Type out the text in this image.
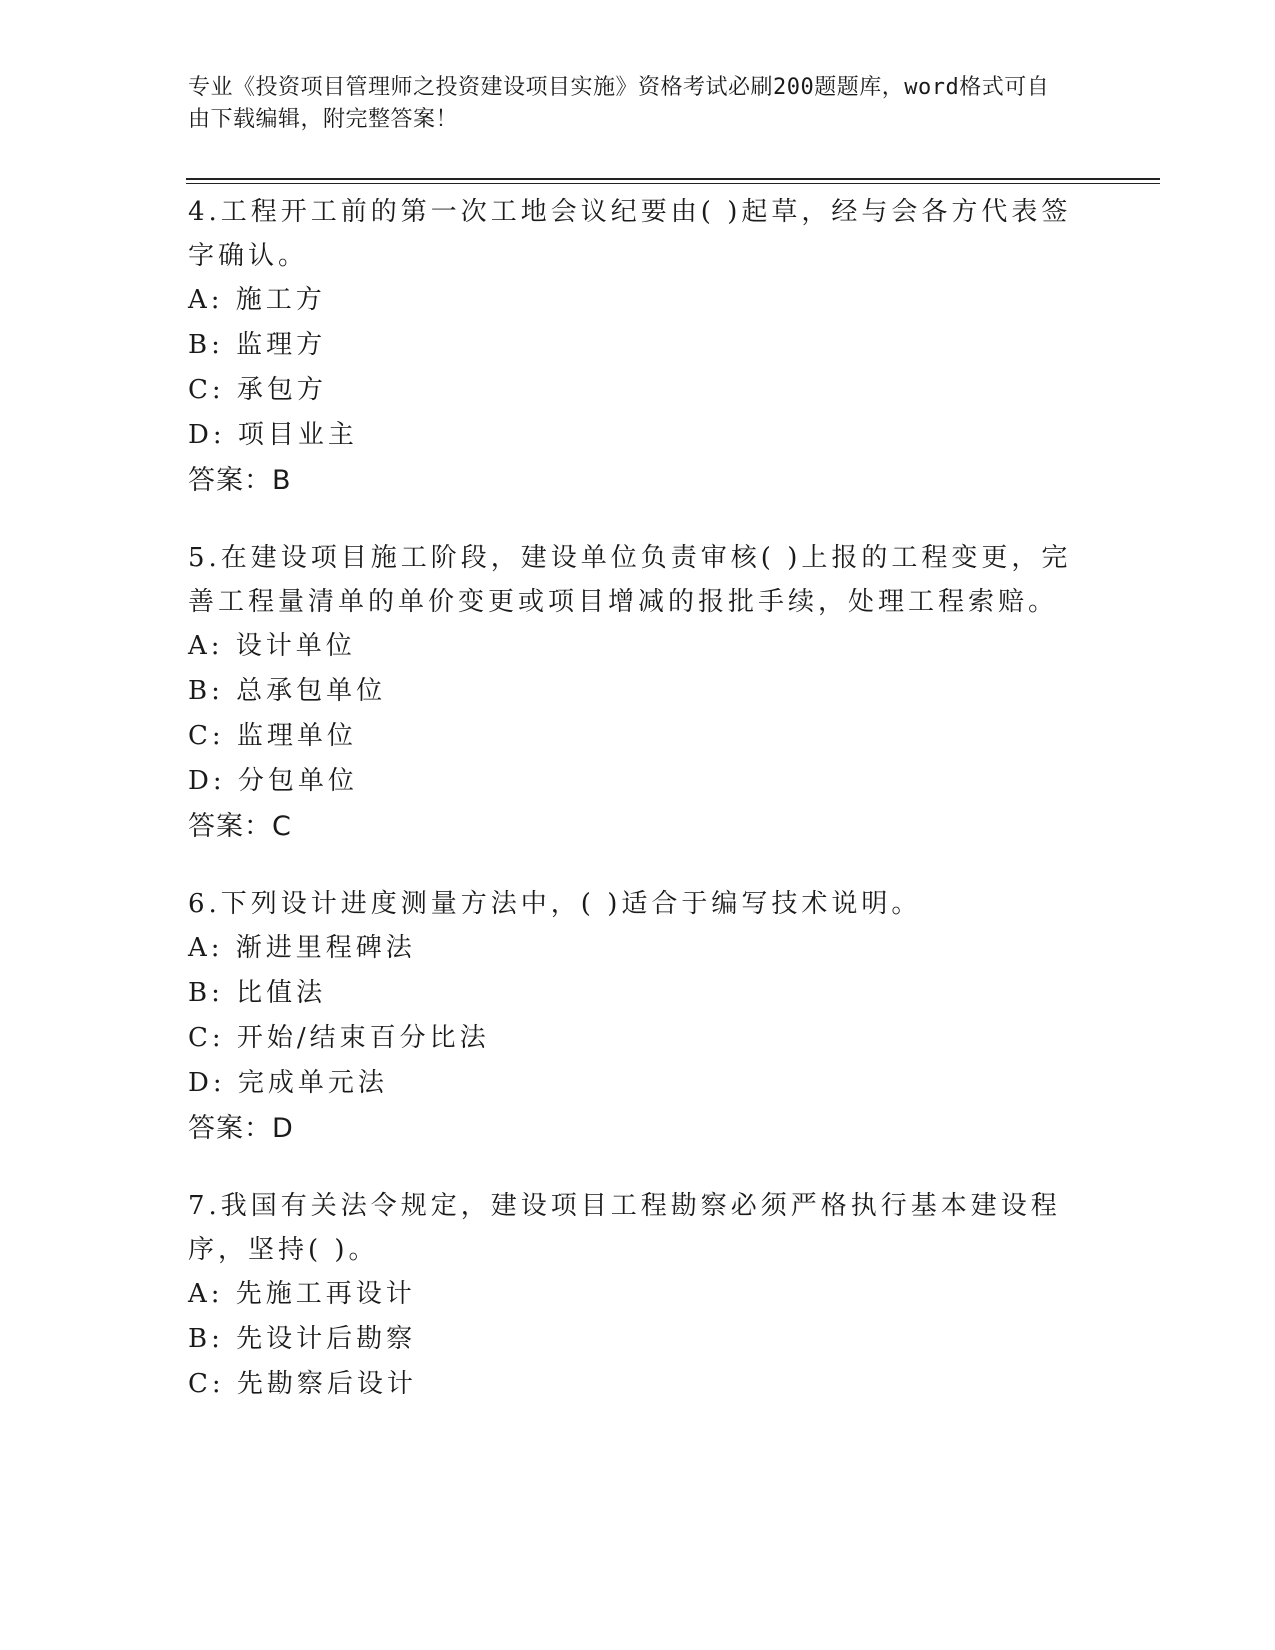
专业《投资项目管理师之投资建设项目实施》资格考试必刷200题题库，word格式可自由下载编辑，附完整答案！

4.工程开工前的第一次工地会议纪要由( )起草，经与会各方代表签字确认。

A: 施工方

B: 监理方

C: 承包方

D: 项目业主

答案：B

5.在建设项目施工阶段，建设单位负责审核( )上报的工程变更，完善工程量清单的单价变更或项目增减的报批手续，处理工程索赔。

A: 设计单位

B: 总承包单位

C: 监理单位

D: 分包单位

答案：C

6.下列设计进度测量方法中，( )适合于编写技术说明。

A: 渐进里程碑法

B: 比值法

C: 开始/结束百分比法

D: 完成单元法

答案：D

7.我国有关法令规定，建设项目工程勘察必须严格执行基本建设程序，坚持( )。

A: 先施工再设计

B: 先设计后勘察

C: 先勘察后设计
